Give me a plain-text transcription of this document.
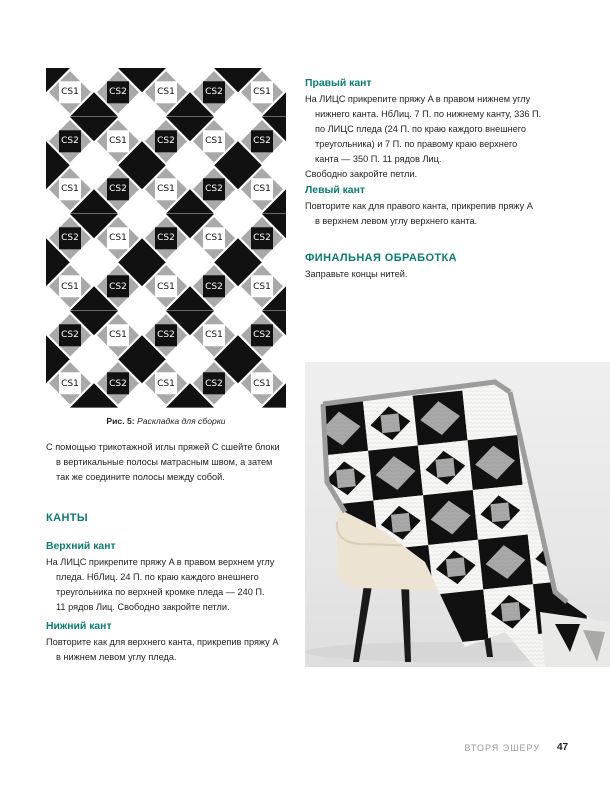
CS1	CS2	CS1	CS2	CS1
CS2	CS1	CS2	CS1	CS2
CS1	CS2	CS1	CS2	CS1
CS2	CS1	CS2	CS1	CS2
CS1	CS2	CS1	CS2	CS1
CS2	CS1	CS2	CS1	CS2
CS1	CS2	CS1	CS2	CS1
Рис. 5: Раскладка для сборки
С помощью трикотажной иглы пряжей С сшейте блоки
в вертикальные полосы матрасным швом, а затем
так же соедините полосы между собой.
КАНТЫ
Верхний кант
На ЛИЦС прикрепите пряжу A в правом верхнем углу
пледа. НбЛиц. 24 П. по краю каждого внешнего
треугольника по верхней кромке пледа — 240 П.
11 рядов Лиц. Свободно закройте петли.
Нижний кант
Повторите как для верхнего канта, прикрепив пряжу A
в нижнем левом углу пледа.
Правый кант
На ЛИЦС прикрепите пряжу A в правом нижнем углу
нижнего канта. НбЛиц. 7 П. по нижнему канту, 336 П.
по ЛИЦС пледа (24 П. по краю каждого внешнего
треугольника) и 7 П. по правому краю верхнего
канта — 350 П. 11 рядов Лиц.
Свободно закройте петли.
Левый кант
Повторите как для правого канта, прикрепив пряжу A
в верхнем левом углу верхнего канта.
ФИНАЛЬНАЯ ОБРАБОТКА
Заправьте концы нитей.
ВТОРЯ ЭШЕРУ 47
